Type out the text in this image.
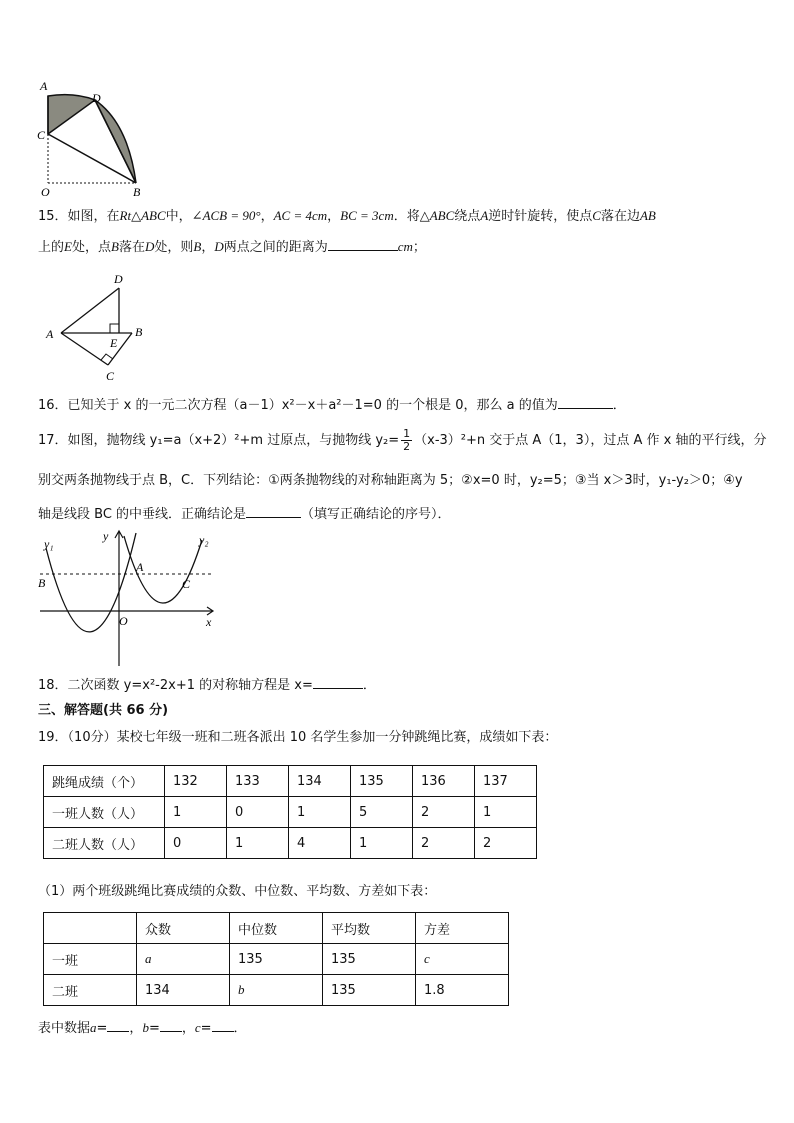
A
D
C
O	B
15．如图，在Rt△ABC中，∠ACB = 90°，AC = 4cm，BC = 3cm．将△ABC绕点A逆时针旋转，使点C落在边AB
上的E处，点B落在D处，则B，D两点之间的距离为	cm；
D
A
E
B
C
16．已知关于 x 的一元二次方程（a－1）x²－x＋a²－1=0 的一个根是 0，那么 a 的值为	．
17．如图，抛物线 y₁=a（x+2）²+m 过原点，与抛物线 $y_2= \frac{1}{2} (x-3)^2+n$ 交于点 A（1，3），过点 A 作 x 轴的平行线，分
别交两条抛物线于点 B，C．下列结论：①两条抛物线的对称轴距离为 5；②x=0 时，y₂=5；③当 x＞3时，y₁-y₂＞0；④y
轴是线段 BC 的中垂线．正确结论是	（填写正确结论的序号）．
y₁
y	y₂
A
B	C
O	x
18．二次函数 y=x²-2x+1 的对称轴方程是 x=	．
三、解答题(共 66 分)
19．（10分）某校七年级一班和二班各派出 10 名学生参加一分钟跳绳比赛，成绩如下表：
跳绳成绩（个）	132	133	134	135	136	137
一班人数（人）	1	0	1	5	2	1
二班人数（人）	0	1	4	1	2	2
（1）两个班级跳绳比赛成绩的众数、中位数、平均数、方差如下表：
	众数	中位数	平均数	方差
一班	a	135	135	c
二班	134	b	135	1.8
表中数据a= ，b= ，c= ．
